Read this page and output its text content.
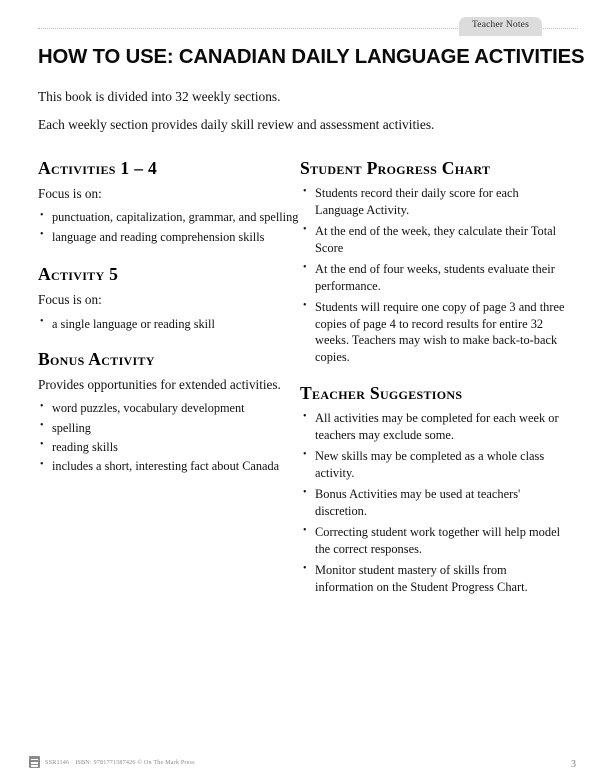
Teacher Notes
HOW TO USE: CANADIAN DAILY LANGUAGE ACTIVITIES

This book is divided into 32 weekly sections.

Each weekly section provides daily skill review and assessment activities.

Activities 1 – 4

Focus is on:

• punctuation, capitalization, grammar, and spelling
• language and reading comprehension skills
Activity 5

Focus is on:

• a single language or reading skill
Bonus Activity

Provides opportunities for extended activities.

• word puzzles, vocabulary development
• spelling
• reading skills
• includes a short, interesting fact about Canada
Student Progress Chart
• Students record their daily score for each Language Activity.
• At the end of the week, they calculate their Total Score
• At the end of four weeks, students evaluate their performance.
• Students will require one copy of page 3 and three copies of page 4 to record results for entire 32 weeks. Teachers may wish to make back-to-back copies.
Teacher Suggestions
• All activities may be completed for each week or teachers may exclude some.
• New skills may be completed as a whole class activity.
• Bonus Activities may be used at teachers' discretion.
• Correcting student work together will help model the correct responses.
• Monitor student mastery of skills from information on the Student Progress Chart.
SSR1146 ISBN: 9781771587426 © On The Mark Press	3
